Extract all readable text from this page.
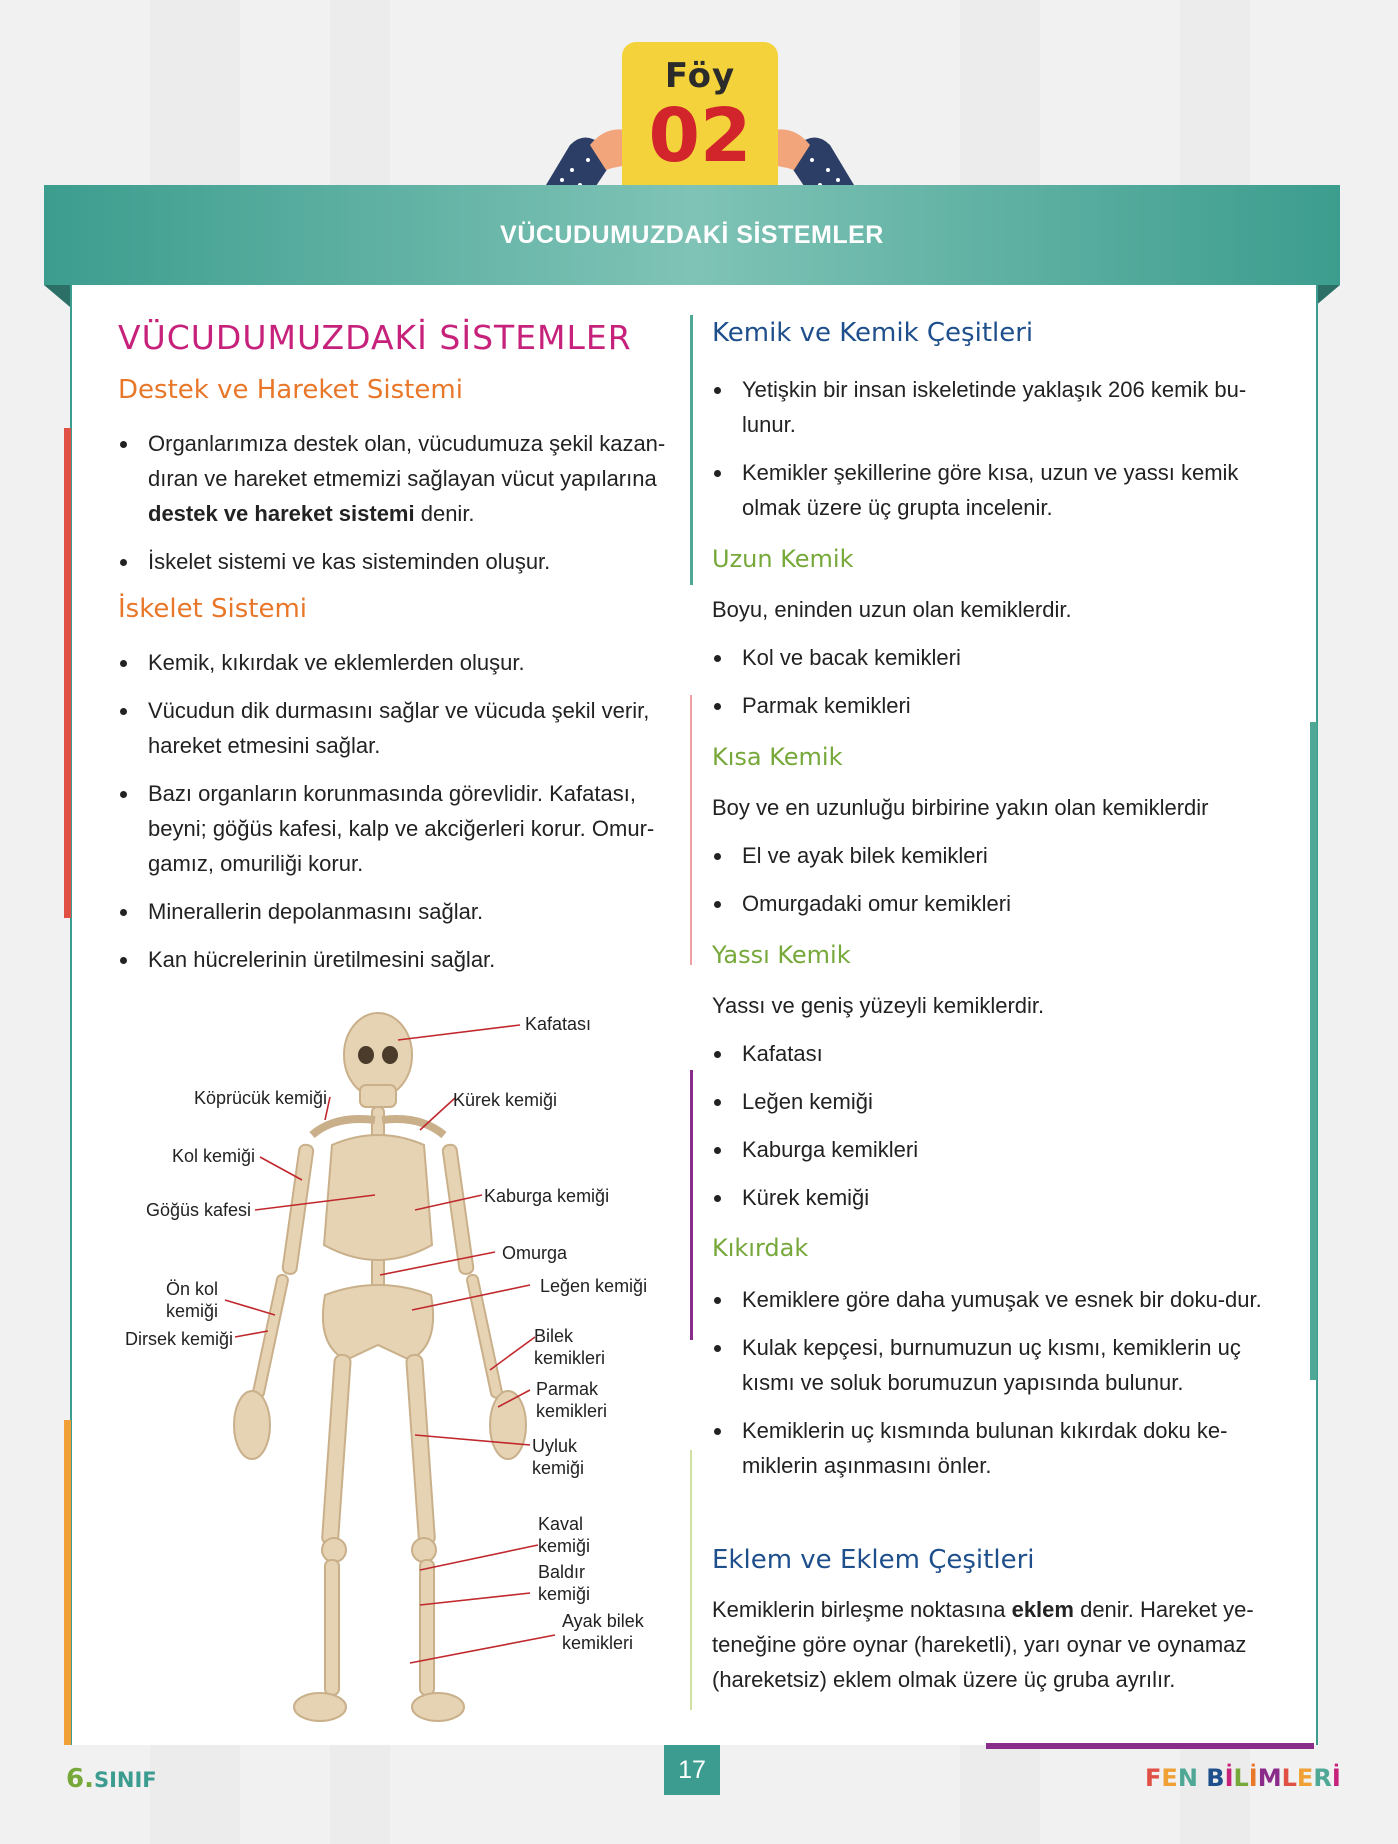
Föy
02
VÜCUDUMUZDAKİ SİSTEMLER
VÜCUDUMUZDAKİ SİSTEMLER
Destek ve Hareket Sistemi
Organlarımıza destek olan, vücudumuza şekil kazan-dıran ve hareket etmemizi sağlayan vücut yapılarına destek ve hareket sistemi denir.
İskelet sistemi ve kas sisteminden oluşur.
İskelet Sistemi
Kemik, kıkırdak ve eklemlerden oluşur.
Vücudun dik durmasını sağlar ve vücuda şekil verir, hareket etmesini sağlar.
Bazı organların korunmasında görevlidir. Kafatası, beyni; göğüs kafesi, kalp ve akciğerleri korur. Omur-gamız, omuriliği korur.
Minerallerin depolanmasını sağlar.
Kan hücrelerinin üretilmesini sağlar.
Kafatası
Köprücük kemiği	Kürek kemiği
Kol kemiği
Göğüs kafesi
Kaburga kemiği
Omurga
Leğen kemiği
Ön kol
kemiği
Dirsek kemiği	Bilek
kemikleri
Parmak
kemikleri
Uyluk
kemiği
Kaval
kemiği
Baldır
kemiği
Ayak bilek
kemikleri
Kemik ve Kemik Çeşitleri
Yetişkin bir insan iskeletinde yaklaşık 206 kemik bu-lunur.
Kemikler şekillerine göre kısa, uzun ve yassı kemik olmak üzere üç grupta incelenir.
Uzun Kemik
Boyu, eninden uzun olan kemiklerdir.
Kol ve bacak kemikleri
Parmak kemikleri
Kısa Kemik
Boy ve en uzunluğu birbirine yakın olan kemiklerdir
El ve ayak bilek kemikleri
Omurgadaki omur kemikleri
Yassı Kemik
Yassı ve geniş yüzeyli kemiklerdir.
Kafatası
Leğen kemiği
Kaburga kemikleri
Kürek kemiği
Kıkırdak
Kemiklere göre daha yumuşak ve esnek bir doku-dur.
Kulak kepçesi, burnumuzun uç kısmı, kemiklerin uç kısmı ve soluk borumuzun yapısında bulunur.
Kemiklerin uç kısmında bulunan kıkırdak doku ke-miklerin aşınmasını önler.
Eklem ve Eklem Çeşitleri
Kemiklerin birleşme noktasına eklem denir. Hareket ye-teneğine göre oynar (hareketli), yarı oynar ve oynamaz (hareketsiz) eklem olmak üzere üç gruba ayrılır.
17
6.SINIF	FEN BİLİMLERİ
